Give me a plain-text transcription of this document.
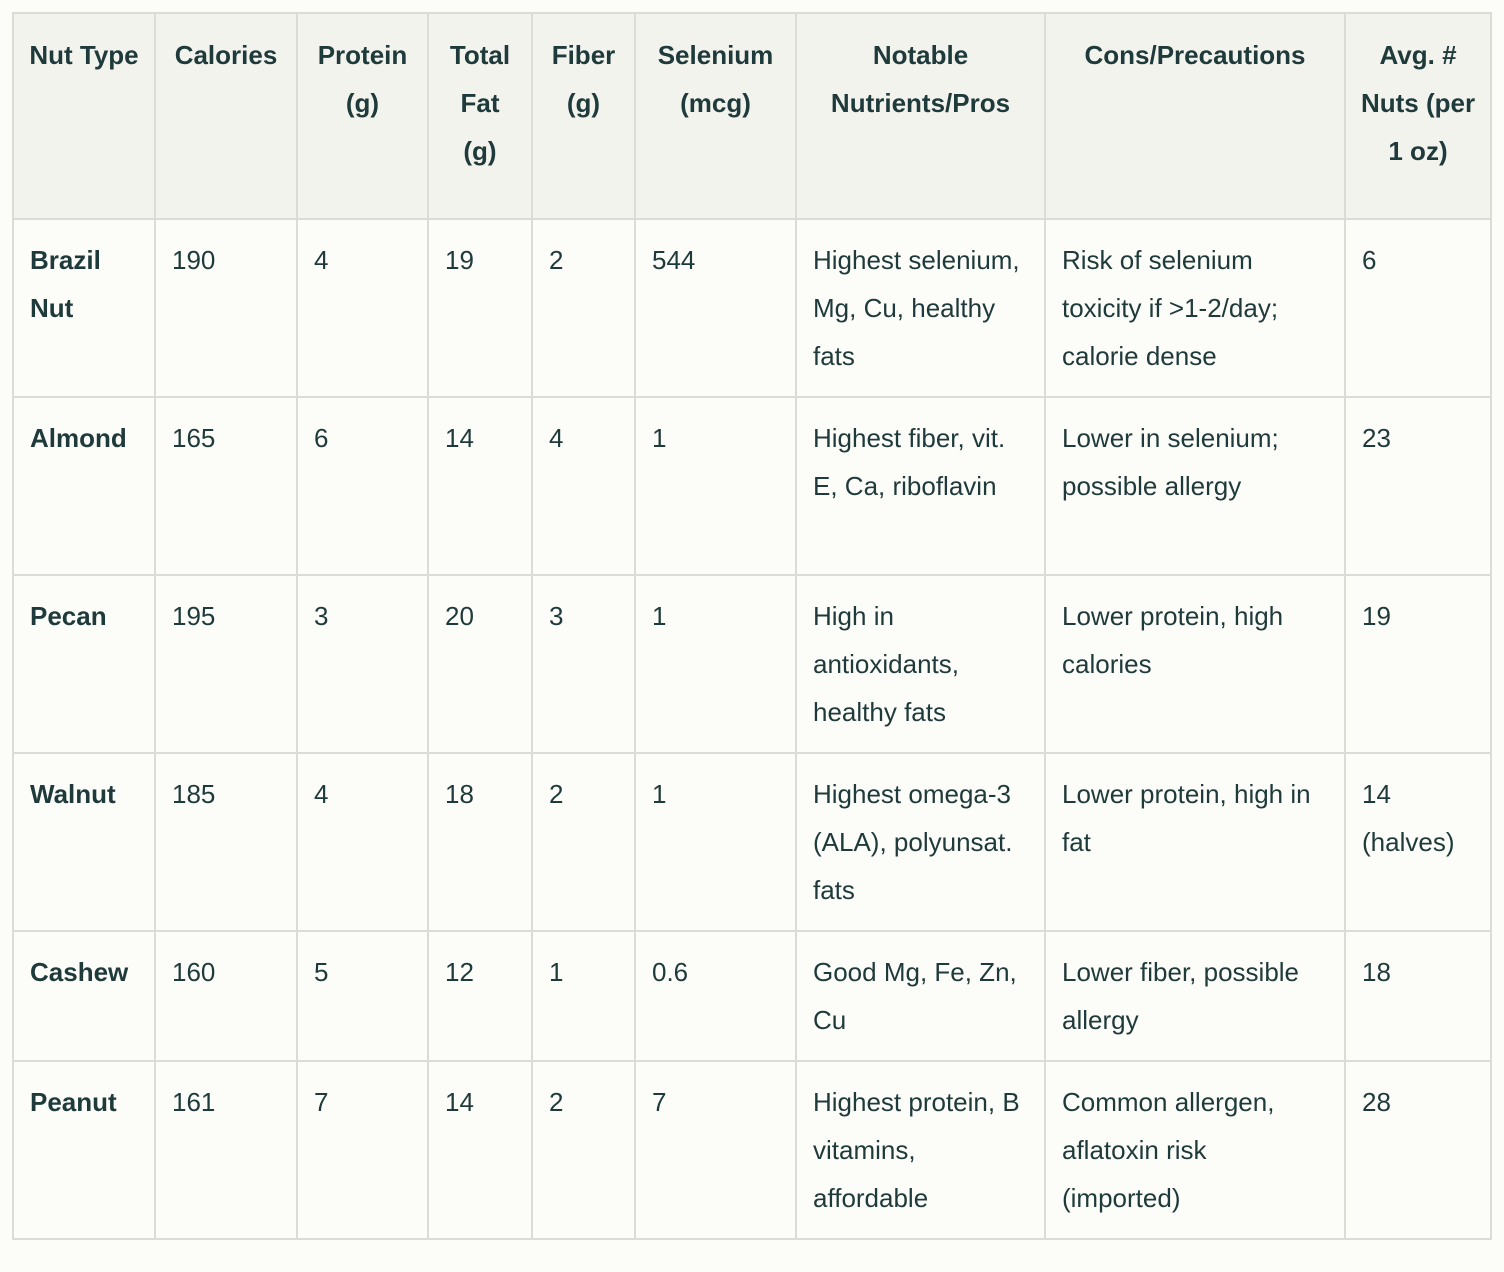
Nut Type	Calories	Protein (g)	Total Fat (g)	Fiber (g)	Selenium (mcg)	Notable Nutrients/Pros	Cons/Precautions	Avg. # Nuts (per 1 oz)
Brazil Nut	190	4	19	2	544	Highest selenium, Mg, Cu, healthy fats	Risk of selenium toxicity if >1-2/day; calorie dense	6
Almond	165	6	14	4	1	Highest fiber, vit. E, Ca, riboflavin	Lower in selenium; possible allergy	23
Pecan	195	3	20	3	1	High in antioxidants, healthy fats	Lower protein, high calories	19
Walnut	185	4	18	2	1	Highest omega-3 (ALA), polyunsat. fats	Lower protein, high in fat	14 (halves)
Cashew	160	5	12	1	0.6	Good Mg, Fe, Zn, Cu	Lower fiber, possible allergy	18
Peanut	161	7	14	2	7	Highest protein, B vitamins, affordable	Common allergen, aflatoxin risk (imported)	28
